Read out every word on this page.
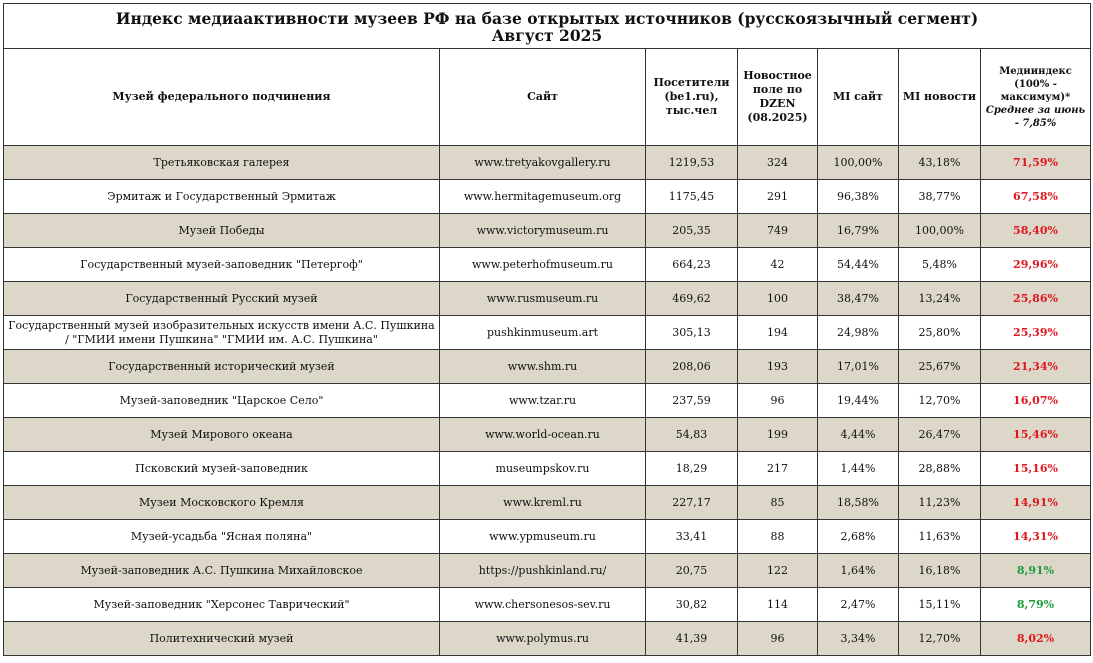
Индекс медиаактивности музеев РФ на базе открытых источников (русскоязычный сегмент)
Август 2025						

Музей федерального подчинения	Сайт	Посетители (be1.ru), тыс.чел	Новостное поле по DZEN (08.2025)	MI сайт	MI новости	Медииндекс (100% - максимум)*
Среднее за июнь - 7,85%

Третьяковская галерея	www.tretyakovgallery.ru	1219,53	324	100,00%	43,18%	71,59%
Эрмитаж и Государственный Эрмитаж	www.hermitagemuseum.org	1175,45	291	96,38%	38,77%	67,58%
Музей Победы	www.victorymuseum.ru	205,35	749	16,79%	100,00%	58,40%
Государственный музей-заповедник "Петергоф"	www.peterhofmuseum.ru	664,23	42	54,44%	5,48%	29,96%
Государственный Русский музей	www.rusmuseum.ru	469,62	100	38,47%	13,24%	25,86%
Государственный музей изобразительных искусств имени А.С. Пушкина / "ГМИИ имени Пушкина" "ГМИИ им. А.С. Пушкина"	pushkinmuseum.art	305,13	194	24,98%	25,80%	25,39%
Государственный исторический музей	www.shm.ru	208,06	193	17,01%	25,67%	21,34%
Музей-заповедник "Царское Село"	www.tzar.ru	237,59	96	19,44%	12,70%	16,07%
Музей Мирового океана	www.world-ocean.ru	54,83	199	4,44%	26,47%	15,46%
Псковский музей-заповедник	museumpskov.ru	18,29	217	1,44%	28,88%	15,16%
Музеи Московского Кремля	www.kreml.ru	227,17	85	18,58%	11,23%	14,91%
Музей-усадьба "Ясная поляна"	www.ypmuseum.ru	33,41	88	2,68%	11,63%	14,31%
Музей-заповедник А.С. Пушкина Михайловское	https://pushkinland.ru/	20,75	122	1,64%	16,18%	8,91%
Музей-заповедник "Херсонес Таврический"	www.chersonesos-sev.ru	30,82	114	2,47%	15,11%	8,79%
Политехнический музей	www.polymus.ru	41,39	96	3,34%	12,70%	8,02%
